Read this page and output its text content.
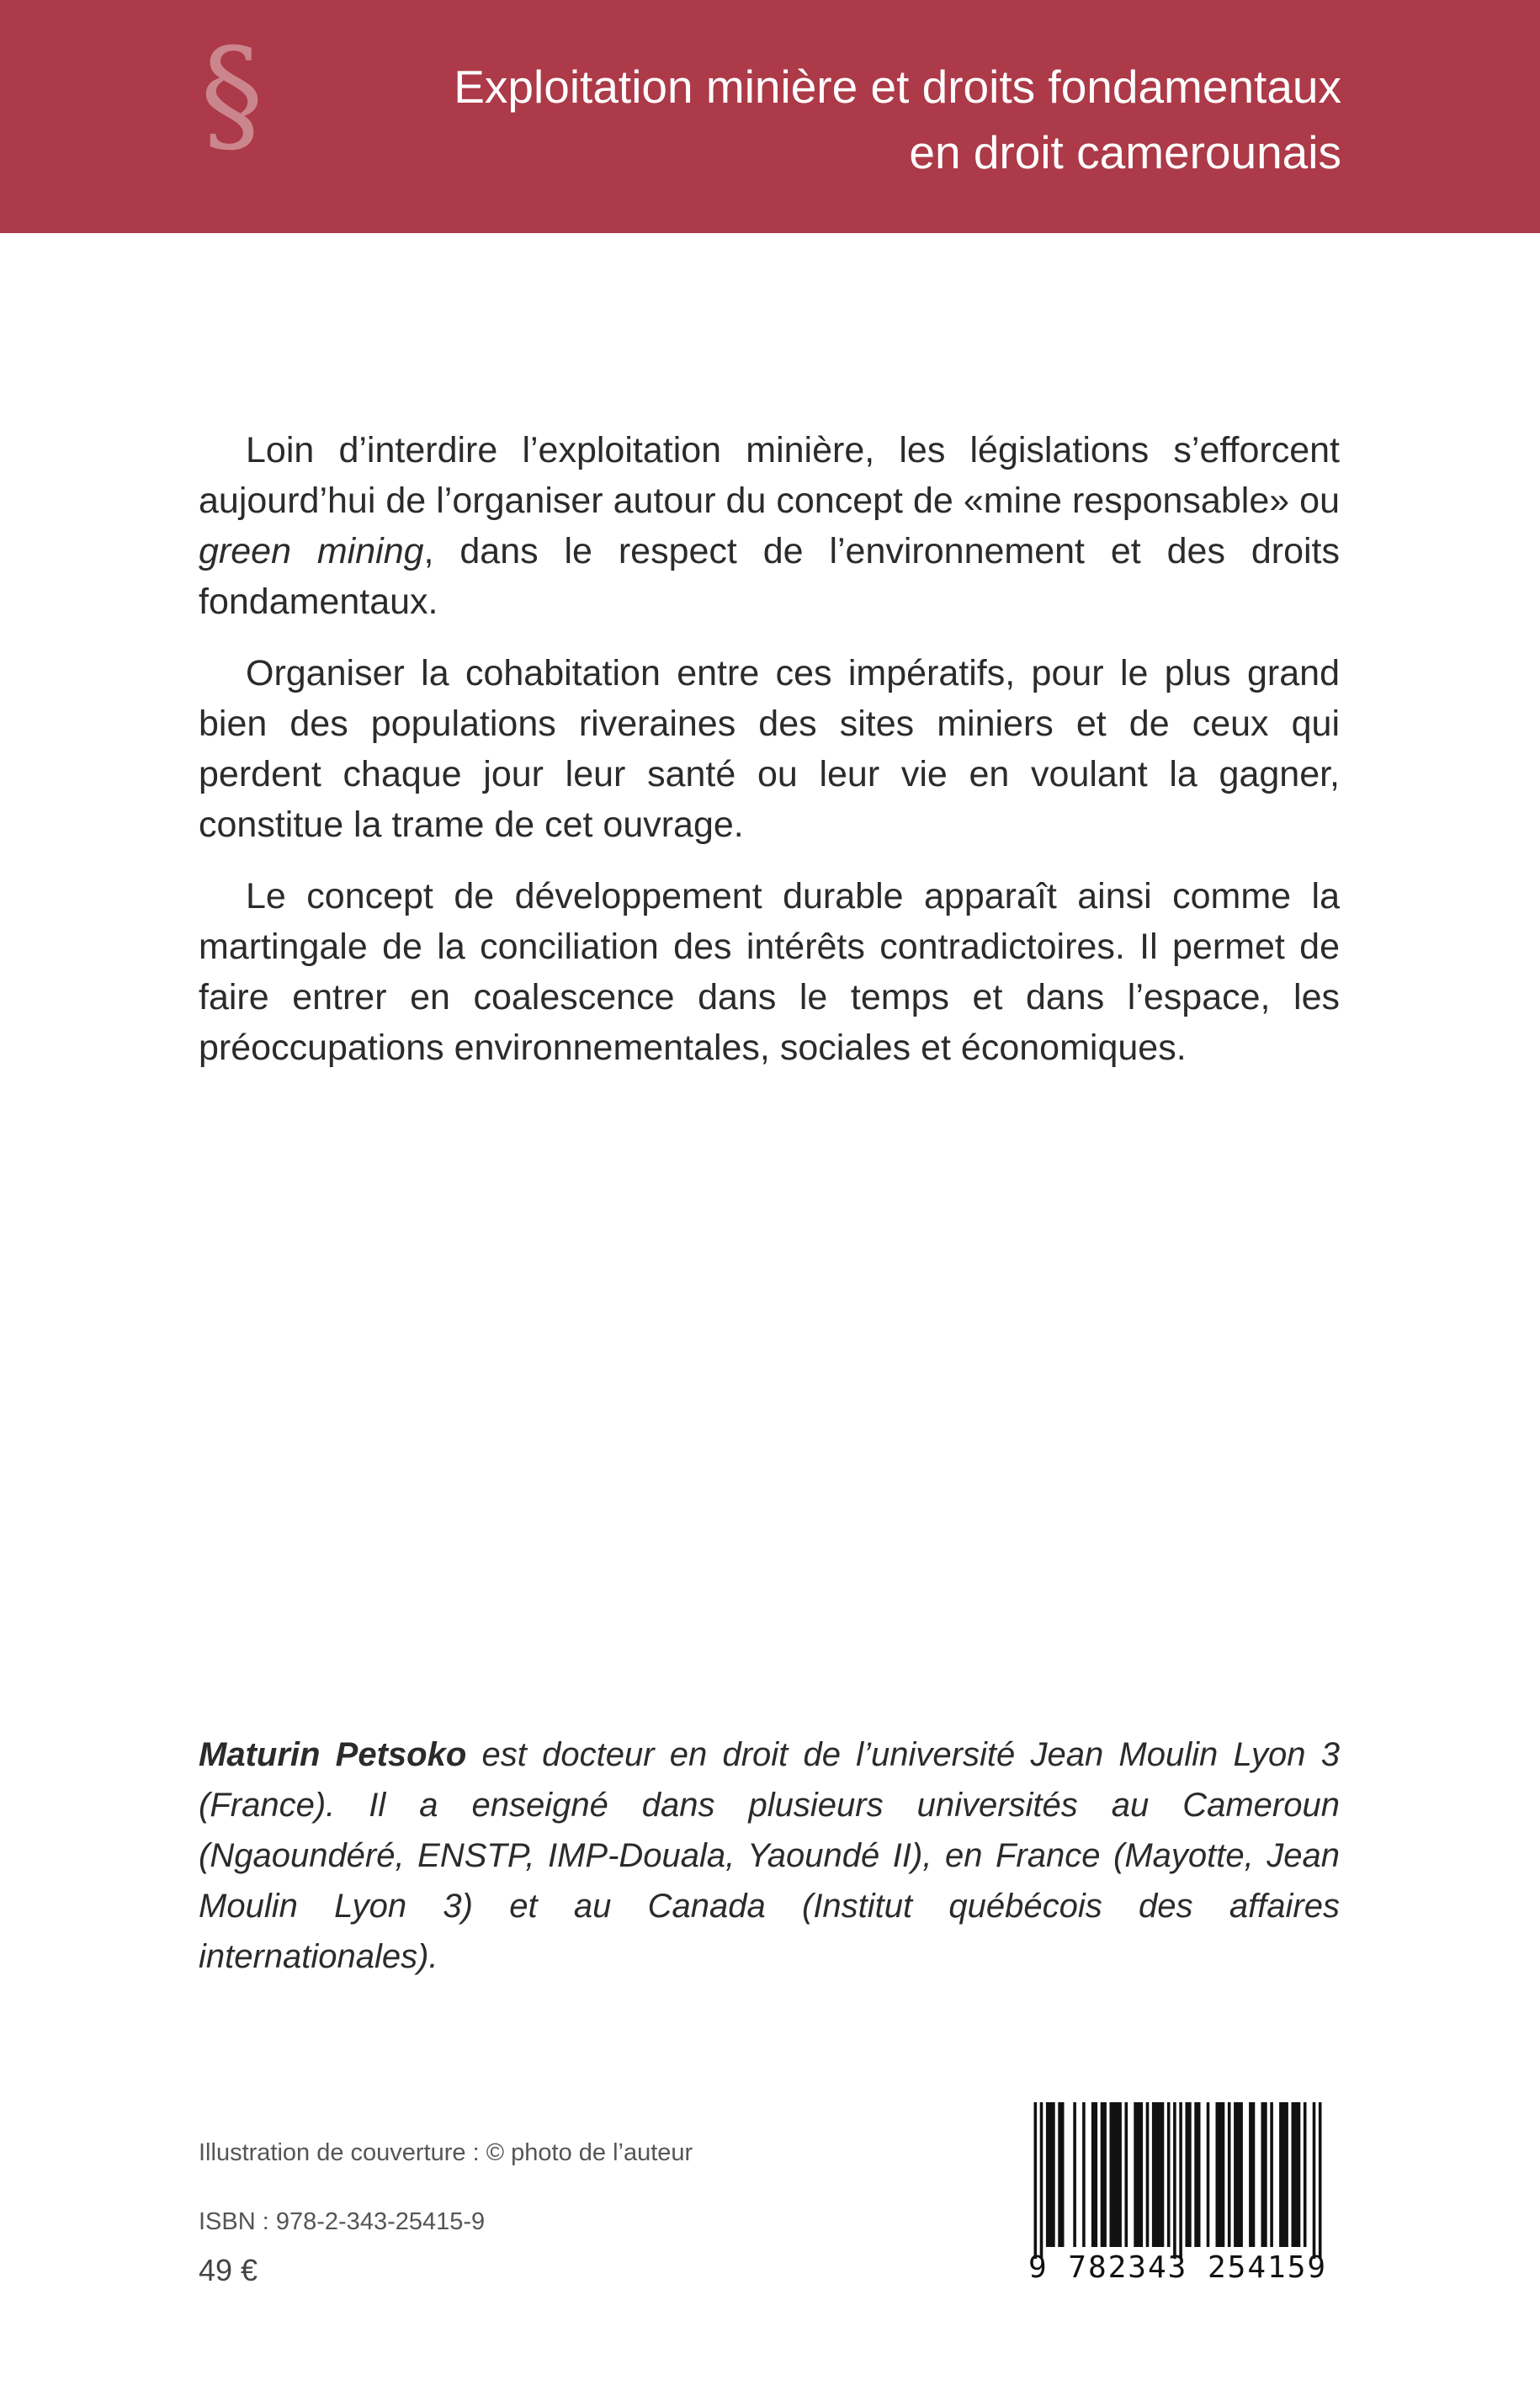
§	Exploitation minière et droits fondamentaux
en droit camerounais

Loin d’interdire l’exploitation minière, les législations s’efforcent aujourd’hui de l’organiser autour du concept de «mine responsable» ou green mining, dans le respect de l’environnement et des droits fondamentaux.

Organiser la cohabitation entre ces impératifs, pour le plus grand bien des populations riveraines des sites miniers et de ceux qui perdent chaque jour leur santé ou leur vie en voulant la gagner, constitue la trame de cet ouvrage.

Le concept de développement durable apparaît ainsi comme la martingale de la conciliation des intérêts contradictoires. Il permet de faire entrer en coalescence dans le temps et dans l’espace, les préoccupations environnementales, sociales et économiques.

Maturin Petsoko est docteur en droit de l’université Jean Moulin Lyon 3 (France). Il a enseigné dans plusieurs universités au Cameroun (Ngaoundéré, ENSTP, IMP-Douala, Yaoundé II), en France (Mayotte, Jean Moulin Lyon 3) et au Canada (Institut québécois des affaires internationales).

Illustration de couverture : © photo de l’auteur
ISBN : 978-2-343-25415-9
49 €	9 782343 254159
